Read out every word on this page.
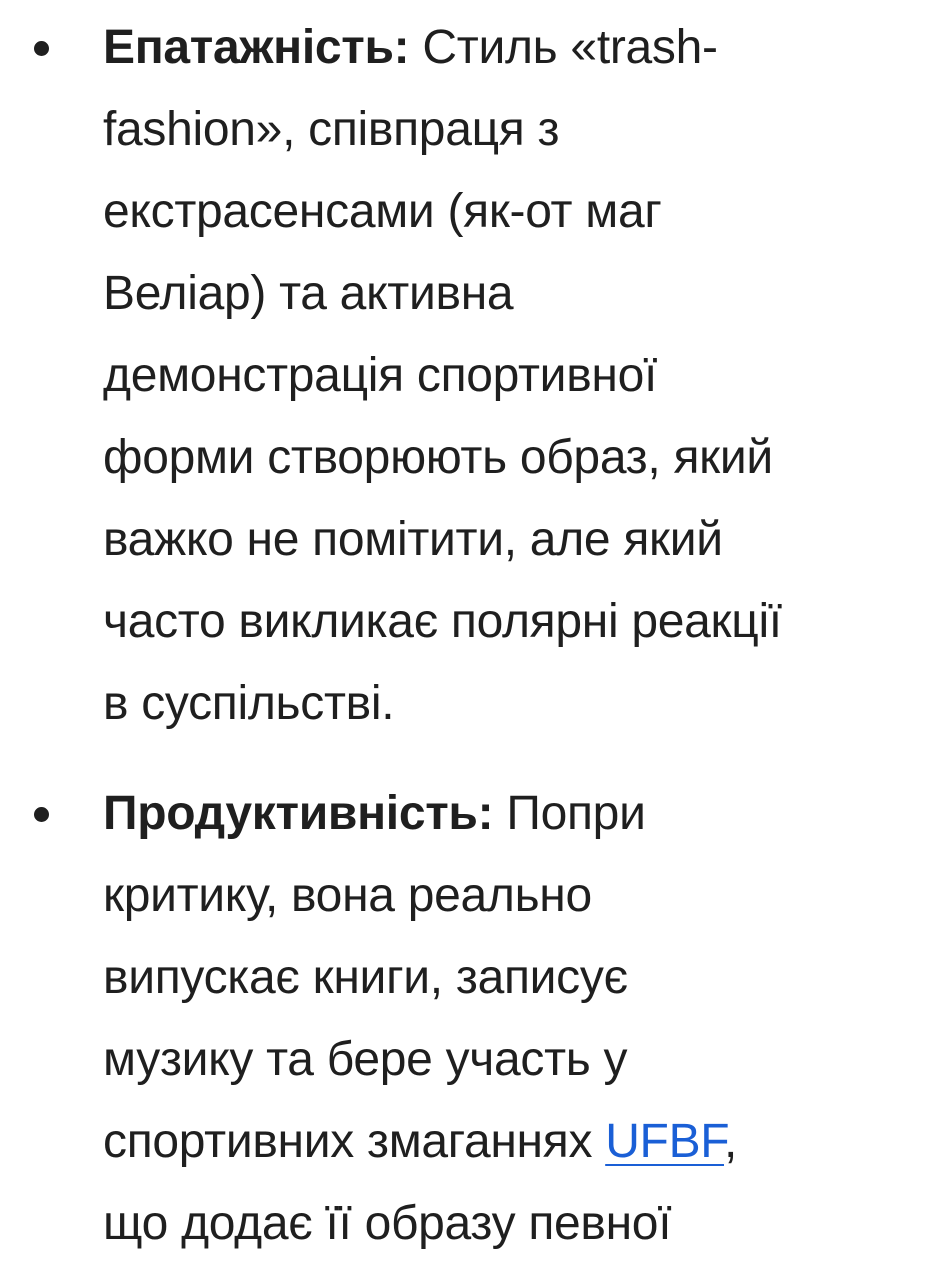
Епатажність: Стиль «trash-
fashion», співпраця з
екстрасенсами (як-от маг
Веліар) та активна
демонстрація спортивної
форми створюють образ, який
важко не помітити, але який
часто викликає полярні реакції
в суспільстві.
Продуктивність: Попри
критику, вона реально
випускає книги, записує
музику та бере участь у
спортивних змаганнях UFBF,
що додає її образу певної
